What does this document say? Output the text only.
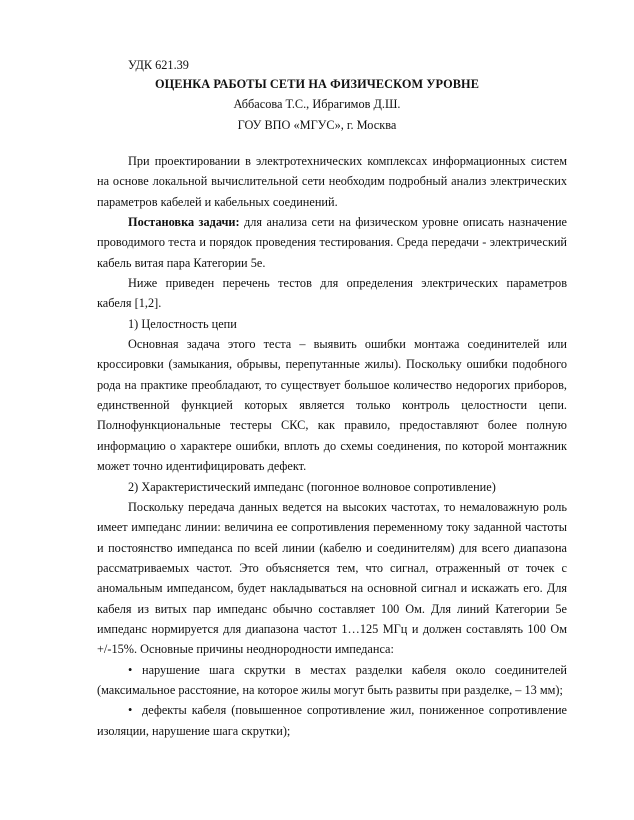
УДК 621.39
ОЦЕНКА РАБОТЫ СЕТИ НА ФИЗИЧЕСКОМ УРОВНЕ
Аббасова Т.С., Ибрагимов Д.Ш.
ГОУ ВПО «МГУС», г. Москва

При проектировании в электротехнических комплексах информационных систем на основе локальной вычислительной сети необходим подробный анализ электрических параметров кабелей и кабельных соединений.

Постановка задачи: для анализа сети на физическом уровне описать назначение проводимого теста и порядок проведения тестирования. Среда передачи - электрический кабель витая пара Категории 5е.

Ниже приведен перечень тестов для определения электрических параметров кабеля [1,2].

1) Целостность цепи

Основная задача этого теста – выявить ошибки монтажа соединителей или кроссировки (замыкания, обрывы, перепутанные жилы). Поскольку ошибки подобного рода на практике преобладают, то существует большое количество недорогих приборов, единственной функцией которых является только контроль целостности цепи. Полнофункциональные тестеры СКС, как правило, предоставляют более полную информацию о характере ошибки, вплоть до схемы соединения, по которой монтажник может точно идентифицировать дефект.

2) Характеристический импеданс (погонное волновое сопротивление)

Поскольку передача данных ведется на высоких частотах, то немаловажную роль имеет импеданс линии: величина ее сопротивления переменному току заданной частоты и постоянство импеданса по всей линии (кабелю и соединителям) для всего диапазона рассматриваемых частот. Это объясняется тем, что сигнал, отраженный от точек с аномальным импедансом, будет накладываться на основной сигнал и искажать его. Для кабеля из витых пар импеданс обычно составляет 100 Ом. Для линий Категории 5е импеданс нормируется для диапазона частот 1…125 МГц и должен составлять 100 Ом +/-15%. Основные причины неоднородности импеданса:

• нарушение шага скрутки в местах разделки кабеля около соединителей (максимальное расстояние, на которое жилы могут быть развиты при разделке, – 13 мм);

• дефекты кабеля (повышенное сопротивление жил, пониженное сопротивление изоляции, нарушение шага скрутки);
